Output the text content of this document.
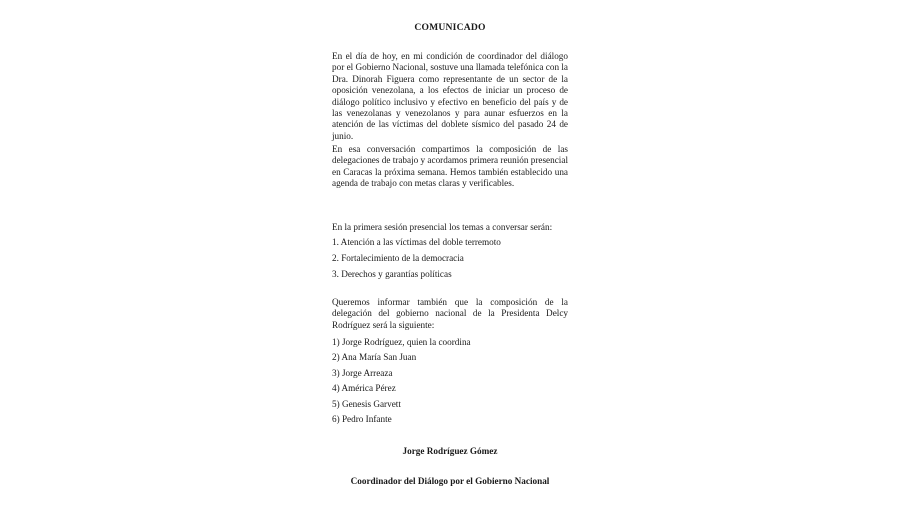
COMUNICADO

En el día de hoy, en mi condición de coordinador del diálogo por el Gobierno Nacional, sostuve una llamada telefónica con la Dra. Dinorah Figuera como representante de un sector de la oposición venezolana, a los efectos de iniciar un proceso de diálogo político inclusivo y efectivo en beneficio del país y de las venezolanas y venezolanos y para aunar esfuerzos en la atención de las víctimas del doblete sísmico del pasado 24 de junio.

En esa conversación compartimos la composición de las delegaciones de trabajo y acordamos primera reunión presencial en Caracas la próxima semana. Hemos también establecido una agenda de trabajo con metas claras y verificables.

En la primera sesión presencial los temas a conversar serán:

1. Atención a las víctimas del doble terremoto
2. Fortalecimiento de la democracia
3. Derechos y garantías políticas

Queremos informar también que la composición de la delegación del gobierno nacional de la Presidenta Delcy Rodríguez será la siguiente:

1) Jorge Rodríguez, quien la coordina
2) Ana María San Juan
3) Jorge Arreaza
4) América Pérez
5) Genesis Garvett
6) Pedro Infante
Jorge Rodríguez Gómez
Coordinador del Diálogo por el Gobierno Nacional
